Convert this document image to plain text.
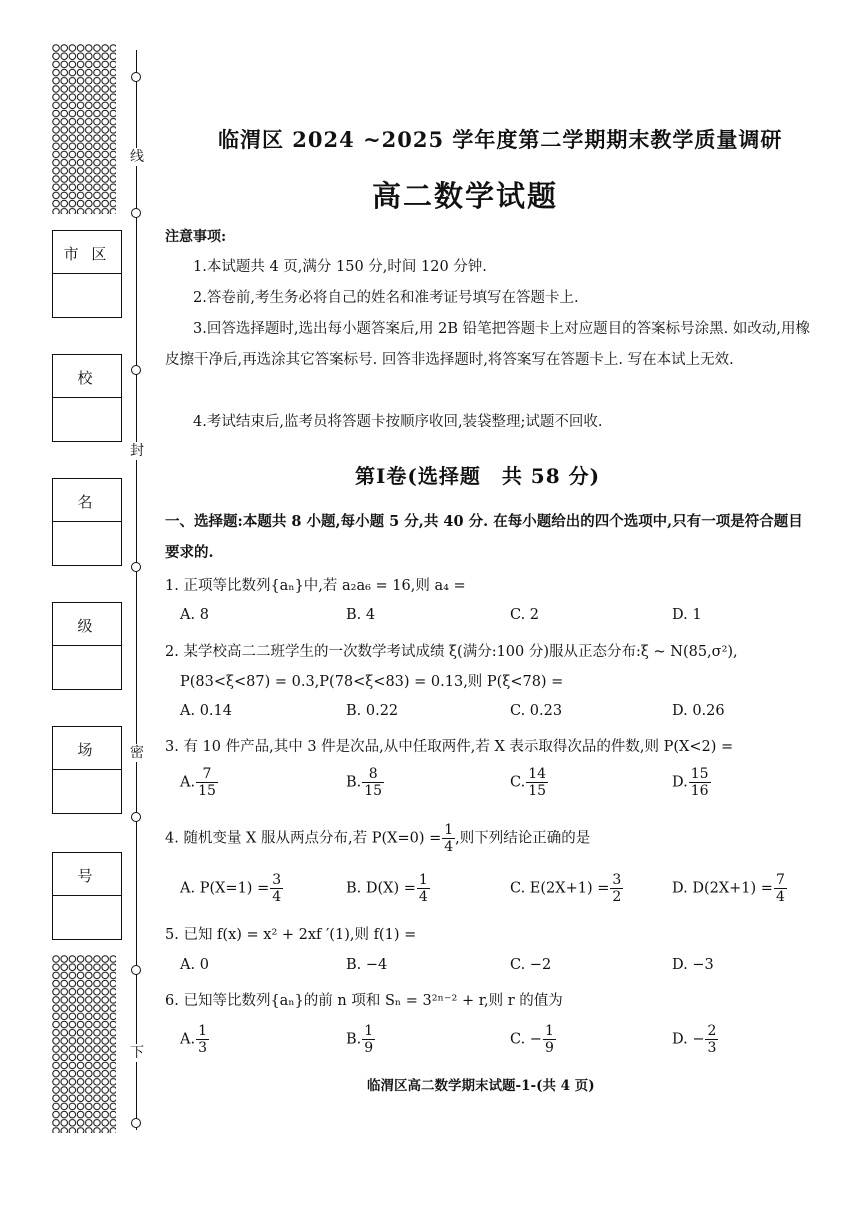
线
封
密
下
市 区
校
名
级
场
号
临渭区 2024 ~2025 学年度第二学期期末教学质量调研
高二数学试题
注意事项:
1.本试题共 4 页,满分 150 分,时间 120 分钟.
2.答卷前,考生务必将自己的姓名和准考证号填写在答题卡上.
3.回答选择题时,选出每小题答案后,用 2B 铅笔把答题卡上对应题目的答案标号涂黑. 如改动,用橡皮擦干净后,再选涂其它答案标号. 回答非选择题时,将答案写在答题卡上. 写在本试上无效.
4.考试结束后,监考员将答题卡按顺序收回,装袋整理;试题不回收.
第Ⅰ卷(选择题　共 58 分)
一、选择题:本题共 8 小题,每小题 5 分,共 40 分. 在每小题给出的四个选项中,只有一项是符合题目要求的.
1. 正项等比数列{aₙ}中,若 a₂a₆ = 16,则 a₄ =
A. 8	B. 4	C. 2	D. 1
2. 某学校高二二班学生的一次数学考试成绩 ξ(满分:100 分)服从正态分布:ξ ~ N(85,σ²),
P(83<ξ<87) = 0.3,P(78<ξ<83) = 0.13,则 P(ξ<78) =
A. 0.14	B. 0.22	C. 0.23	D. 0.26
3. 有 10 件产品,其中 3 件是次品,从中任取两件,若 X 表示取得次品的件数,则 P(X<2) =
A. $\frac{7}{15}$	B. $\frac{8}{15}$	C. $\frac{14}{15}$	D. $\frac{15}{16}$
4. 随机变量 X 服从两点分布,若 $P(X=0) = \frac{1}{4}$ ,则下列结论正确的是
A. $P(X=1) = \frac{3}{4}$	B. $D(X) = \frac{1}{4}$	C. $E(2X+1) = \frac{3}{2}$	D. $D(2X+1) = \frac{7}{4}$
5. 已知 f(x) = x² + 2xf ′(1),则 f(1) =
A. 0	B. −4	C. −2	D. −3
6. 已知等比数列{aₙ}的前 n 项和 Sₙ = 3²ⁿ⁻² + r,则 r 的值为
A. $\frac{1}{3}$	B. $\frac{1}{9}$	C. − $\frac{1}{9}$	D. − $\frac{2}{3}$
临渭区高二数学期末试题-1-(共 4 页)
